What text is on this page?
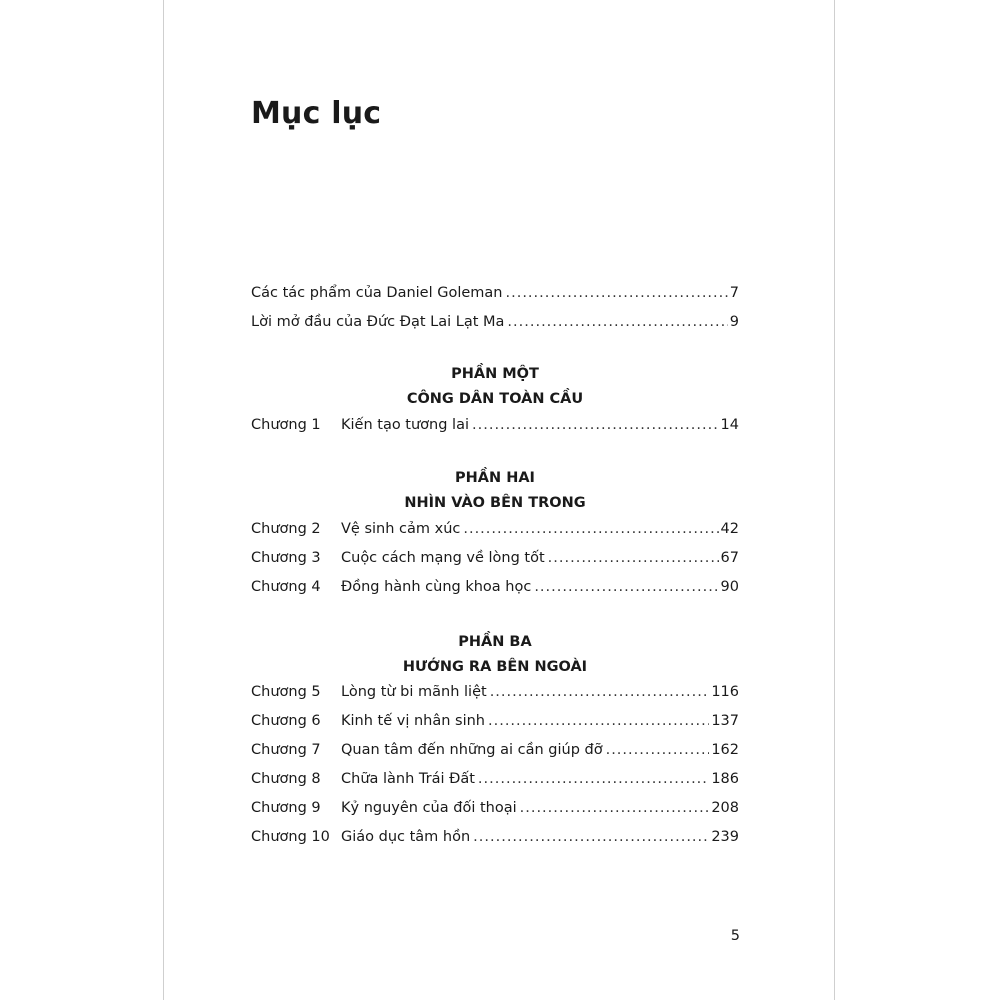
Mục lục
Các tác phẩm của Daniel Goleman .....	7
Lời mở đầu của Đức Đạt Lai Lạt Ma .....	9
PHẦN MỘT
CÔNG DÂN TOÀN CẦU
Chương 1	Kiến tạo tương lai .....	14
PHẦN HAI
NHÌN VÀO BÊN TRONG
Chương 2	Vệ sinh cảm xúc .....	42
Chương 3	Cuộc cách mạng về lòng tốt .....	67
Chương 4	Đồng hành cùng khoa học .....	90
PHẦN BA
HƯỚNG RA BÊN NGOÀI
Chương 5	Lòng từ bi mãnh liệt .....	116
Chương 6	Kinh tế vị nhân sinh .....	137
Chương 7	Quan tâm đến những ai cần giúp đỡ .....	162
Chương 8	Chữa lành Trái Đất .....	186
Chương 9	Kỷ nguyên của đối thoại .....	208
Chương 10 Giáo dục tâm hồn .....	239
5
